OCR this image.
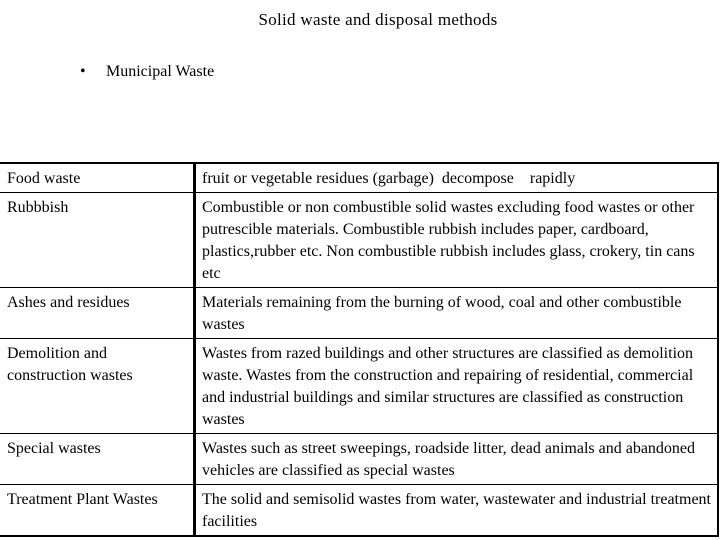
Solid waste and disposal methods
• Municipal Waste
Food waste	fruit or vegetable residues (garbage)  decompose    rapidly
Rubbbish	Combustible or non combustible solid wastes excluding food wastes or other putrescible materials. Combustible rubbish includes paper, cardboard, plastics,rubber etc. Non combustible rubbish includes glass, crokery, tin cans etc
Ashes and residues	Materials remaining from the burning of wood, coal and other combustible wastes
Demolition and construction wastes	Wastes from razed buildings and other structures are classified as demolition waste. Wastes from the construction and repairing of residential, commercial and industrial buildings and similar structures are classified as construction wastes
Special wastes	Wastes such as street sweepings, roadside litter, dead animals and abandoned vehicles are classified as special wastes
Treatment Plant Wastes	The solid and semisolid wastes from water, wastewater and industrial treatment facilities
